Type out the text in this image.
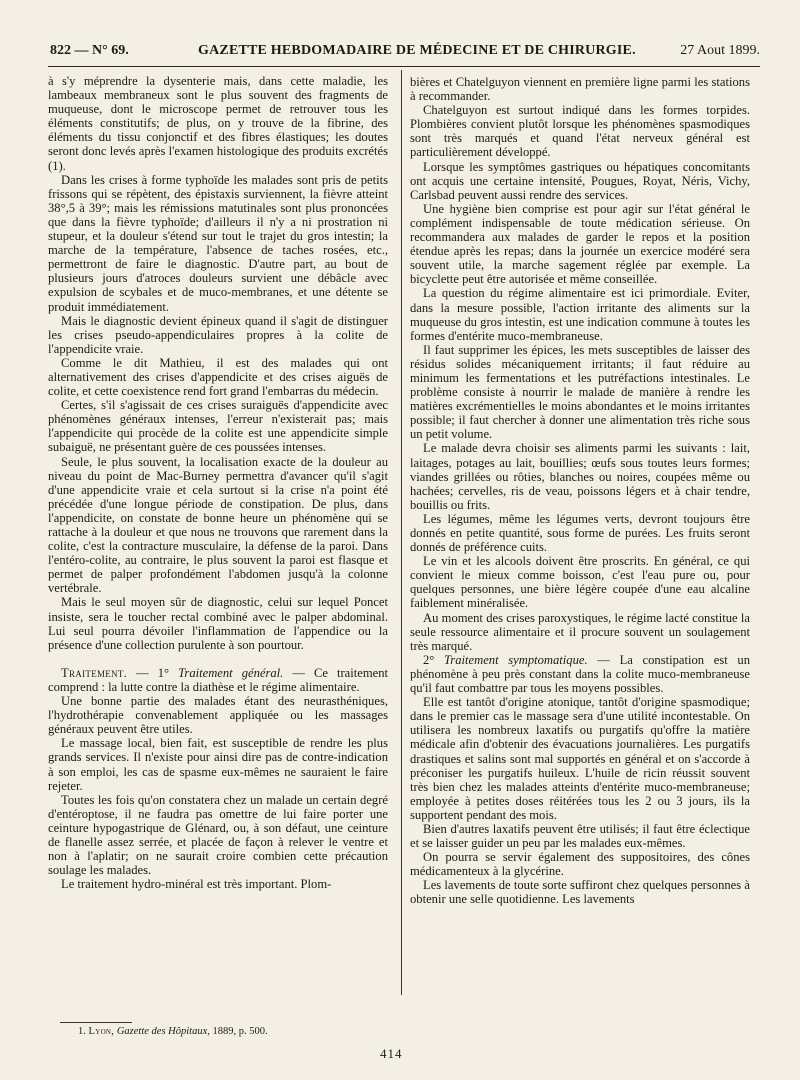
822 — N° 69.	GAZETTE HEBDOMADAIRE DE MÉDECINE ET DE CHIRURGIE.	27 Aout 1899.

à s'y méprendre la dysenterie mais, dans cette maladie, les lambeaux membraneux sont le plus souvent des fragments de muqueuse, dont le microscope permet de retrouver tous les éléments constitutifs; de plus, on y trouve de la fibrine, des éléments du tissu conjonctif et des fibres élastiques; les doutes seront donc levés après l'examen histologique des produits excrétés (1).

Dans les crises à forme typhoïde les malades sont pris de petits frissons qui se répètent, des épistaxis surviennent, la fièvre atteint 38°,5 à 39°; mais les rémissions matutinales sont plus prononcées que dans la fièvre typhoïde; d'ailleurs il n'y a ni prostration ni stupeur, et la douleur s'étend sur tout le trajet du gros intestin; la marche de la température, l'absence de taches rosées, etc., permettront de faire le diagnostic. D'autre part, au bout de plusieurs jours d'atroces douleurs survient une débâcle avec expulsion de scybales et de muco-membranes, et une détente se produit immédiatement.

Mais le diagnostic devient épineux quand il s'agit de distinguer les crises pseudo-appendiculaires propres à la colite de l'appendicite vraie.

Comme le dit Mathieu, il est des malades qui ont alternativement des crises d'appendicite et des crises aiguës de colite, et cette coexistence rend fort grand l'embarras du médecin.

Certes, s'il s'agissait de ces crises suraiguës d'appendicite avec phénomènes généraux intenses, l'erreur n'existerait pas; mais l'appendicite qui procède de la colite est une appendicite simple subaiguë, ne présentant guère de ces poussées intenses.

Seule, le plus souvent, la localisation exacte de la douleur au niveau du point de Mac-Burney permettra d'avancer qu'il s'agit d'une appendicite vraie et cela surtout si la crise n'a point été précédée d'une longue période de constipation. De plus, dans l'appendicite, on constate de bonne heure un phénomène qui se rattache à la douleur et que nous ne trouvons que rarement dans la colite, c'est la contracture musculaire, la défense de la paroi. Dans l'entéro-colite, au contraire, le plus souvent la paroi est flasque et permet de palper profondément l'abdomen jusqu'à la colonne vertébrale.

Mais le seul moyen sûr de diagnostic, celui sur lequel Poncet insiste, sera le toucher rectal combiné avec le palper abdominal. Lui seul pourra dévoiler l'inflammation de l'appendice ou la présence d'une collection purulente à son pourtour.

Traitement. — 1° Traitement général. — Ce traitement comprend : la lutte contre la diathèse et le régime alimentaire.

Une bonne partie des malades étant des neurasthéniques, l'hydrothérapie convenablement appliquée ou les massages généraux peuvent être utiles.

Le massage local, bien fait, est susceptible de rendre les plus grands services. Il n'existe pour ainsi dire pas de contre-indication à son emploi, les cas de spasme eux-mêmes ne sauraient le faire rejeter.

Toutes les fois qu'on constatera chez un malade un certain degré d'entéroptose, il ne faudra pas omettre de lui faire porter une ceinture hypogastrique de Glénard, ou, à son défaut, une ceinture de flanelle assez serrée, et placée de façon à relever le ventre et non à l'aplatir; on ne saurait croire combien cette précaution soulage les malades.

Le traitement hydro-minéral est très important. Plom-

bières et Chatelguyon viennent en première ligne parmi les stations à recommander.

Chatelguyon est surtout indiqué dans les formes torpides. Plombières convient plutôt lorsque les phénomènes spasmodiques sont très marqués et quand l'état nerveux général est particulièrement développé.

Lorsque les symptômes gastriques ou hépatiques concomitants ont acquis une certaine intensité, Pougues, Royat, Néris, Vichy, Carlsbad peuvent aussi rendre des services.

Une hygiène bien comprise est pour agir sur l'état général le complément indispensable de toute médication sérieuse. On recommandera aux malades de garder le repos et la position étendue après les repas; dans la journée un exercice modéré sera souvent utile, la marche sagement réglée par exemple. La bicyclette peut être autorisée et même conseillée.

La question du régime alimentaire est ici primordiale. Eviter, dans la mesure possible, l'action irritante des aliments sur la muqueuse du gros intestin, est une indication commune à toutes les formes d'entérite muco-membraneuse.

Il faut supprimer les épices, les mets susceptibles de laisser des résidus solides mécaniquement irritants; il faut réduire au minimum les fermentations et les putréfactions intestinales. Le problème consiste à nourrir le malade de manière à rendre les matières excrémentielles le moins abondantes et le moins irritantes possible; il faut chercher à donner une alimentation très riche sous un petit volume.

Le malade devra choisir ses aliments parmi les suivants : lait, laitages, potages au lait, bouillies; œufs sous toutes leurs formes; viandes grillées ou rôties, blanches ou noires, coupées même ou hachées; cervelles, ris de veau, poissons légers et à chair tendre, bouillis ou frits.

Les légumes, même les légumes verts, devront toujours être donnés en petite quantité, sous forme de purées. Les fruits seront donnés de préférence cuits.

Le vin et les alcools doivent être proscrits. En général, ce qui convient le mieux comme boisson, c'est l'eau pure ou, pour quelques personnes, une bière légère coupée d'une eau alcaline faiblement minéralisée.

Au moment des crises paroxystiques, le régime lacté constitue la seule ressource alimentaire et il procure souvent un soulagement très marqué.

2° Traitement symptomatique. — La constipation est un phénomène à peu près constant dans la colite muco-membraneuse qu'il faut combattre par tous les moyens possibles.

Elle est tantôt d'origine atonique, tantôt d'origine spasmodique; dans le premier cas le massage sera d'une utilité incontestable. On utilisera les nombreux laxatifs ou purgatifs qu'offre la matière médicale afin d'obtenir des évacuations journalières. Les purgatifs drastiques et salins sont mal supportés en général et on s'accorde à préconiser les purgatifs huileux. L'huile de ricin réussit souvent très bien chez les malades atteints d'entérite muco-membraneuse; employée à petites doses réitérées tous les 2 ou 3 jours, ils la supportent pendant des mois.

Bien d'autres laxatifs peuvent être utilisés; il faut être éclectique et se laisser guider un peu par les malades eux-mêmes.

On pourra se servir également des suppositoires, des cônes médicamenteux à la glycérine.

Les lavements de toute sorte suffiront chez quelques personnes à obtenir une selle quotidienne. Les lavements

1. Lyon, Gazette des Hôpitaux, 1889, p. 500.
414
